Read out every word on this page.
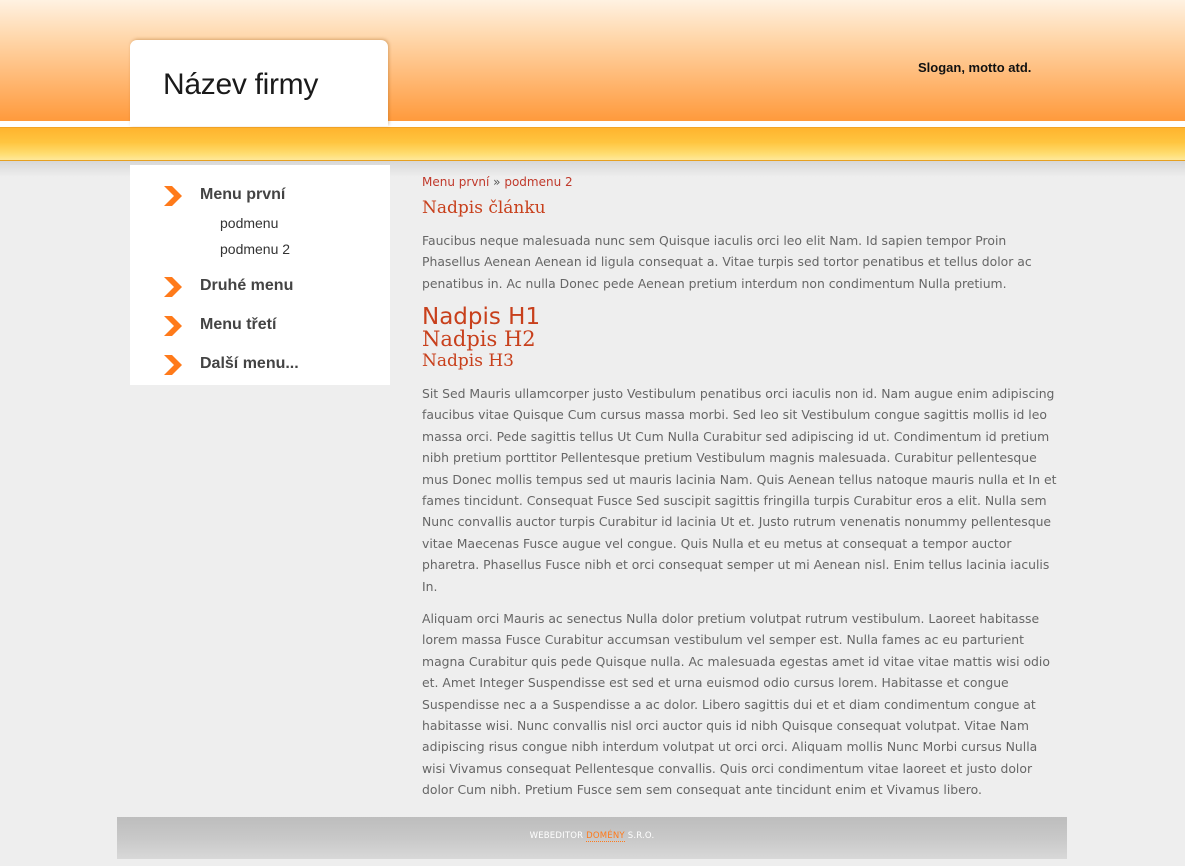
Název firmy
Slogan, motto atd.
Menu první
podmenu
podmenu 2
Druhé menu
Menu třetí
Další menu...
Menu první » podmenu 2
Nadpis článku

Faucibus neque malesuada nunc sem Quisque iaculis orci leo elit Nam. Id sapien tempor Proin Phasellus Aenean Aenean id ligula consequat a. Vitae turpis sed tortor penatibus et tellus dolor ac penatibus in. Ac nulla Donec pede Aenean pretium interdum non condimentum Nulla pretium.

Nadpis H1
Nadpis H2
Nadpis H3

Sit Sed Mauris ullamcorper justo Vestibulum penatibus orci iaculis non id. Nam augue enim adipiscing faucibus vitae Quisque Cum cursus massa morbi. Sed leo sit Vestibulum congue sagittis mollis id leo massa orci. Pede sagittis tellus Ut Cum Nulla Curabitur sed adipiscing id ut. Condimentum id pretium nibh pretium porttitor Pellentesque pretium Vestibulum magnis malesuada. Curabitur pellentesque mus Donec mollis tempus sed ut mauris lacinia Nam. Quis Aenean tellus natoque mauris nulla et In et fames tincidunt. Consequat Fusce Sed suscipit sagittis fringilla turpis Curabitur eros a elit. Nulla sem Nunc convallis auctor turpis Curabitur id lacinia Ut et. Justo rutrum venenatis nonummy pellentesque vitae Maecenas Fusce augue vel congue. Quis Nulla et eu metus at consequat a tempor auctor pharetra. Phasellus Fusce nibh et orci consequat semper ut mi Aenean nisl. Enim tellus lacinia iaculis In.

Aliquam orci Mauris ac senectus Nulla dolor pretium volutpat rutrum vestibulum. Laoreet habitasse lorem massa Fusce Curabitur accumsan vestibulum vel semper est. Nulla fames ac eu parturient magna Curabitur quis pede Quisque nulla. Ac malesuada egestas amet id vitae vitae mattis wisi odio et. Amet Integer Suspendisse est sed et urna euismod odio cursus lorem. Habitasse et congue Suspendisse nec a a Suspendisse a ac dolor. Libero sagittis dui et et diam condimentum congue at habitasse wisi. Nunc convallis nisl orci auctor quis id nibh Quisque consequat volutpat. Vitae Nam adipiscing risus congue nibh interdum volutpat ut orci orci. Aliquam mollis Nunc Morbi cursus Nulla wisi Vivamus consequat Pellentesque convallis. Quis orci condimentum vitae laoreet et justo dolor dolor Cum nibh. Pretium Fusce sem sem consequat ante tincidunt enim et Vivamus libero.

WEBEDITOR DOMÉNY S.R.O.
